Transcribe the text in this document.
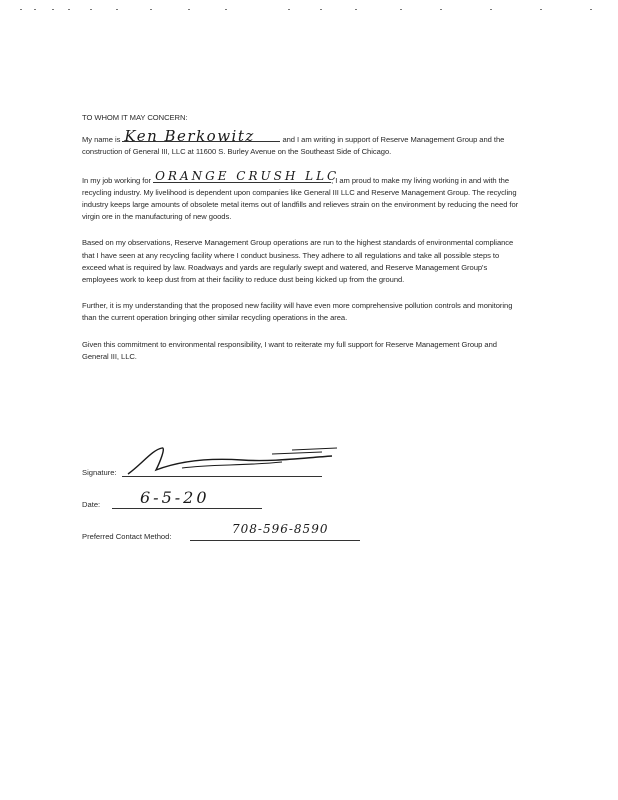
TO WHOM IT MAY CONCERN:

My name is Ken Berkowitz	and I am writing in support of Reserve Management Group and the construction of General III, LLC at 11600 S. Burley Avenue on the Southeast Side of Chicago.

In my job working for ORANGE CRUSH LLC
, I am proud to make my living working in and with the recycling industry. My livelihood is dependent upon companies like General III LLC and Reserve Management Group. The recycling industry keeps large amounts of obsolete metal items out of landfills and relieves strain on the environment by reducing the need for virgin ore in the manufacturing of new goods.

Based on my observations, Reserve Management Group operations are run to the highest standards of environmental compliance that I have seen at any recycling facility where I conduct business. They adhere to all regulations and take all possible steps to exceed what is required by law. Roadways and yards are regularly swept and watered, and Reserve Management Group's employees work to keep dust from at their facility to reduce dust being kicked up from the ground.

Further, it is my understanding that the proposed new facility will have even more comprehensive pollution controls and monitoring than the current operation bringing other similar recycling operations in the area.

Given this commitment to environmental responsibility, I want to reiterate my full support for Reserve Management Group and General III, LLC.

Signature:
Date: 6-5-20
Preferred Contact Method:
708-596-8590
